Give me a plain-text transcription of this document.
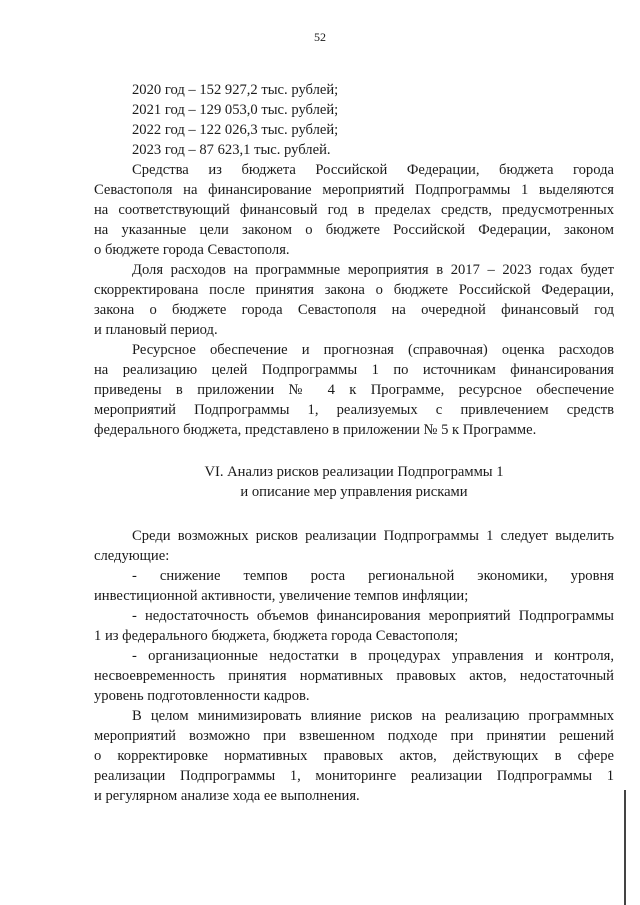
52
2020 год – 152 927,2 тыс. рублей;
2021 год – 129 053,0 тыс. рублей;
2022 год – 122 026,3 тыс. рублей;
2023 год – 87 623,1 тыс. рублей.
Средства из бюджета Российской Федерации, бюджета города
Севастополя на финансирование мероприятий Подпрограммы 1 выделяются
на соответствующий финансовый год в пределах средств, предусмотренных
на указанные цели законом о бюджете Российской Федерации, законом
о бюджете города Севастополя.
Доля расходов на программные мероприятия в 2017 – 2023 годах будет
скорректирована после принятия закона о бюджете Российской Федерации,
закона о бюджете города Севастополя на очередной финансовый год
и плановый период.
Ресурсное обеспечение и прогнозная (справочная) оценка расходов
на реализацию целей Подпрограммы 1 по источникам финансирования
приведены в приложении № 4 к Программе, ресурсное обеспечение
мероприятий Подпрограммы 1, реализуемых с привлечением средств
федерального бюджета, представлено в приложении № 5 к Программе.
VI. Анализ рисков реализации Подпрограммы 1
и описание мер управления рисками
Среди возможных рисков реализации Подпрограммы 1 следует выделить
следующие:
- снижение темпов роста региональной экономики, уровня
инвестиционной активности, увеличение темпов инфляции;
- недостаточность объемов финансирования мероприятий Подпрограммы
1 из федерального бюджета, бюджета города Севастополя;
- организационные недостатки в процедурах управления и контроля,
несвоевременность принятия нормативных правовых актов, недостаточный
уровень подготовленности кадров.
В целом минимизировать влияние рисков на реализацию программных
мероприятий возможно при взвешенном подходе при принятии решений
о корректировке нормативных правовых актов, действующих в сфере
реализации Подпрограммы 1, мониторинге реализации Подпрограммы 1
и регулярном анализе хода ее выполнения.
